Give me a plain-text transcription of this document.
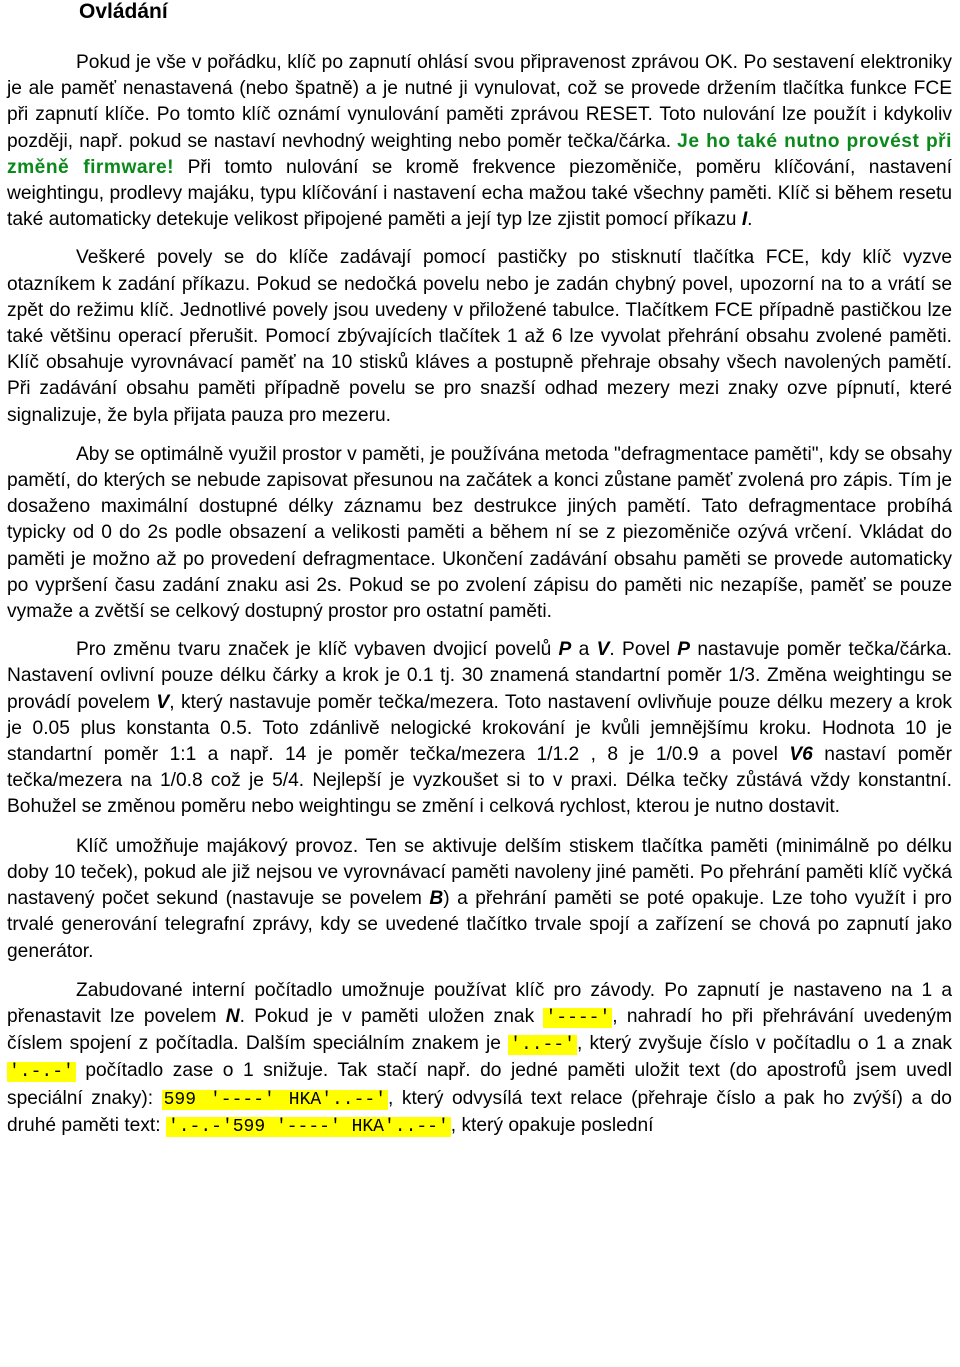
Ovládání

Pokud je vše v pořádku, klíč po zapnutí ohlásí svou připravenost zprávou OK. Po sestavení elektroniky je ale paměť nenastavená (nebo špatně) a je nutné ji vynulovat, což se provede držením tlačítka funkce FCE při zapnutí klíče. Po tomto klíč oznámí vynulování paměti zprávou RESET. Toto nulování lze použít i kdykoliv později, např. pokud se nastaví nevhodný weighting nebo poměr tečka/čárka. Je ho také nutno provést při změně firmware! Při tomto nulování se kromě frekvence piezoměniče, poměru klíčování, nastavení weightingu, prodlevy majáku, typu klíčování i nastavení echa mažou také všechny paměti. Klíč si během resetu také automaticky detekuje velikost připojené paměti a její typ lze zjistit pomocí příkazu I.

Veškeré povely se do klíče zadávají pomocí pastičky po stisknutí tlačítka FCE, kdy klíč vyzve otazníkem k zadání příkazu. Pokud se nedočká povelu nebo je zadán chybný povel, upozorní na to a vrátí se zpět do režimu klíč. Jednotlivé povely jsou uvedeny v přiložené tabulce. Tlačítkem FCE případně pastičkou lze také většinu operací přerušit. Pomocí zbývajících tlačítek 1 až 6 lze vyvolat přehrání obsahu zvolené paměti. Klíč obsahuje vyrovnávací paměť na 10 stisků kláves a postupně přehraje obsahy všech navolených pamětí. Při zadávání obsahu paměti případně povelu se pro snazší odhad mezery mezi znaky ozve pípnutí, které signalizuje, že byla přijata pauza pro mezeru.

Aby se optimálně využil prostor v paměti, je používána metoda "defragmentace paměti", kdy se obsahy pamětí, do kterých se nebude zapisovat přesunou na začátek a konci zůstane paměť zvolená pro zápis. Tím je dosaženo maximální dostupné délky záznamu bez destrukce jiných pamětí. Tato defragmentace probíhá typicky od 0 do 2s podle obsazení a velikosti paměti a během ní se z piezoměniče ozývá vrčení. Vkládat do paměti je možno až po provedení defragmentace. Ukončení zadávání obsahu paměti se provede automaticky po vypršení času zadání znaku asi 2s. Pokud se po zvolení zápisu do paměti nic nezapíše, paměť se pouze vymaže a zvětší se celkový dostupný prostor pro ostatní paměti.

Pro změnu tvaru značek je klíč vybaven dvojicí povelů P a V. Povel P nastavuje poměr tečka/čárka. Nastavení ovlivní pouze délku čárky a krok je 0.1 tj. 30 znamená standartní poměr 1/3. Změna weightingu se provádí povelem V, který nastavuje poměr tečka/mezera. Toto nastavení ovlivňuje pouze délku mezery a krok je 0.05 plus konstanta 0.5. Toto zdánlivě nelogické krokování je kvůli jemnějšímu kroku. Hodnota 10 je standartní poměr 1:1 a např. 14 je poměr tečka/mezera 1/1.2 , 8 je 1/0.9 a povel V6 nastaví poměr tečka/mezera na 1/0.8 což je 5/4. Nejlepší je vyzkoušet si to v praxi. Délka tečky zůstává vždy konstantní. Bohužel se změnou poměru nebo weightingu se změní i celková rychlost, kterou je nutno dostavit.

Klíč umožňuje majákový provoz. Ten se aktivuje delším stiskem tlačítka paměti (minimálně po délku doby 10 teček), pokud ale již nejsou ve vyrovnávací paměti navoleny jiné paměti. Po přehrání paměti klíč vyčká nastavený počet sekund (nastavuje se povelem B) a přehrání paměti se poté opakuje. Lze toho využít i pro trvalé generování telegrafní zprávy, kdy se uvedené tlačítko trvale spojí a zařízení se chová po zapnutí jako generátor.

Zabudované interní počítadlo umožnuje používat klíč pro závody. Po zapnutí je nastaveno na 1 a přenastavit lze povelem N. Pokud je v paměti uložen znak '----' , nahradí ho při přehrávání uvedeným číslem spojení z počítadla. Dalším speciálním znakem je '..--' , který zvyšuje číslo v počítadlu o 1 a znak '.-.-' počítadlo zase o 1 snižuje. Tak stačí např. do jedné paměti uložit text (do apostrofů jsem uvedl speciální znaky): 599 '----' HKA'..--' , který odvysílá text relace (přehraje číslo a pak ho zvýší) a do druhé paměti text: '.-.-'599 '----' HKA'..--' , který opakuje poslední
